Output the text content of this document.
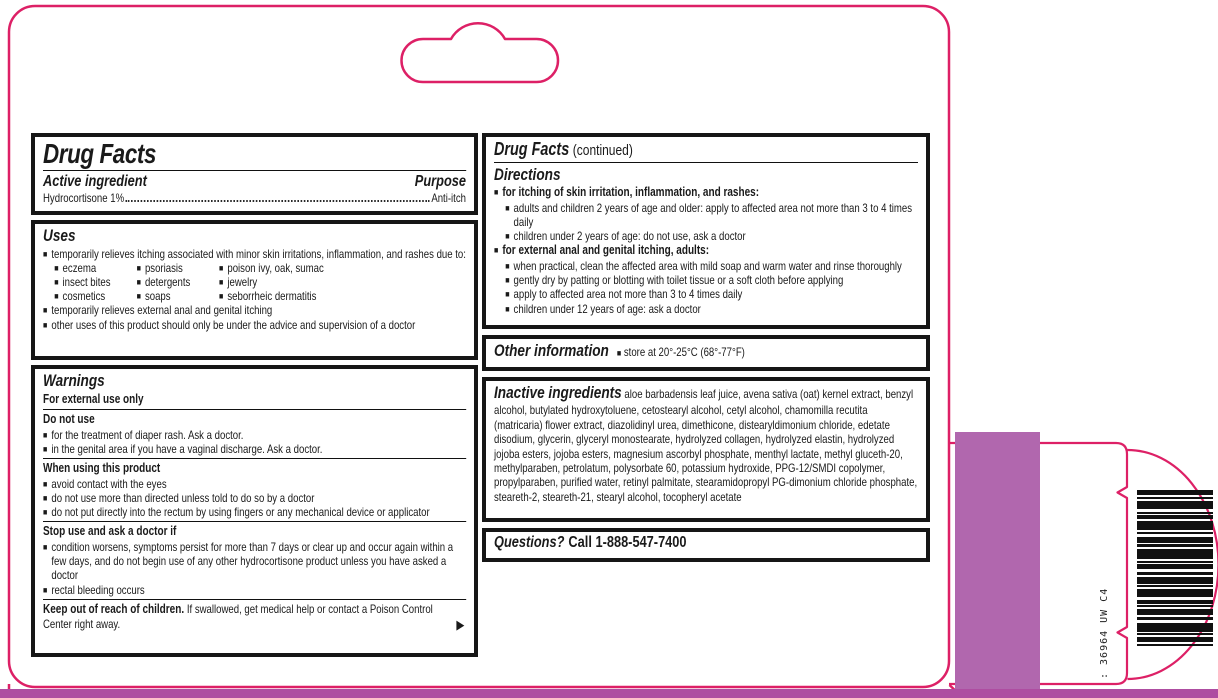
: 36964 UW C4
Drug Facts
Active ingredient	Purpose
Hydrocortisone 1%	Anti-itch
Uses
■ temporarily relieves itching associated with minor skin irritations, inflammation, and rashes due to:
■ eczema	■ psoriasis	■ poison ivy, oak, sumac
■ insect bites	■ detergents	■ jewelry
■ cosmetics	■ soaps	■ seborrheic dermatitis
■ temporarily relieves external anal and genital itching
■ other uses of this product should only be under the advice and supervision of a doctor
Warnings
For external use only
Do not use
■ for the treatment of diaper rash. Ask a doctor.
■ in the genital area if you have a vaginal discharge. Ask a doctor.
When using this product
■ avoid contact with the eyes
■ do not use more than directed unless told to do so by a doctor
■ do not put directly into the rectum by using fingers or any mechanical device or applicator
Stop use and ask a doctor if
■ condition worsens, symptoms persist for more than 7 days or clear up and occur again within a few days, and do not begin use of any other hydrocortisone product unless you have asked a doctor
■ rectal bleeding occurs
Keep out of reach of children. If swallowed, get medical help or contact a Poison Control Center right away.	▶
Drug Facts (continued)
Directions
■ for itching of skin irritation, inflammation, and rashes:
■ adults and children 2 years of age and older: apply to affected area not more than 3 to 4 times daily
■ children under 2 years of age: do not use, ask a doctor
■ for external anal and genital itching, adults:
■ when practical, clean the affected area with mild soap and warm water and rinse thoroughly
■ gently dry by patting or blotting with toilet tissue or a soft cloth before applying
■ apply to affected area not more than 3 to 4 times daily
■ children under 12 years of age: ask a doctor
Other information ■ store at 20°-25°C (68°-77°F)
Inactive ingredients aloe barbadensis leaf juice, avena sativa (oat) kernel extract, benzyl alcohol, butylated hydroxytoluene, cetostearyl alcohol, cetyl alcohol, chamomilla recutita (matricaria) flower extract, diazolidinyl urea, dimethicone, distearyldimonium chloride, edetate disodium, glycerin, glyceryl monostearate, hydrolyzed collagen, hydrolyzed elastin, hydrolyzed jojoba esters, jojoba esters, magnesium ascorbyl phosphate, menthyl lactate, methyl gluceth-20, methylparaben, petrolatum, polysorbate 60, potassium hydroxide, PPG-12/SMDI copolymer, propylparaben, purified water, retinyl palmitate, stearamidopropyl PG-dimonium chloride phosphate, steareth-2, steareth-21, stearyl alcohol, tocopheryl acetate
Questions? Call 1-888-547-7400
